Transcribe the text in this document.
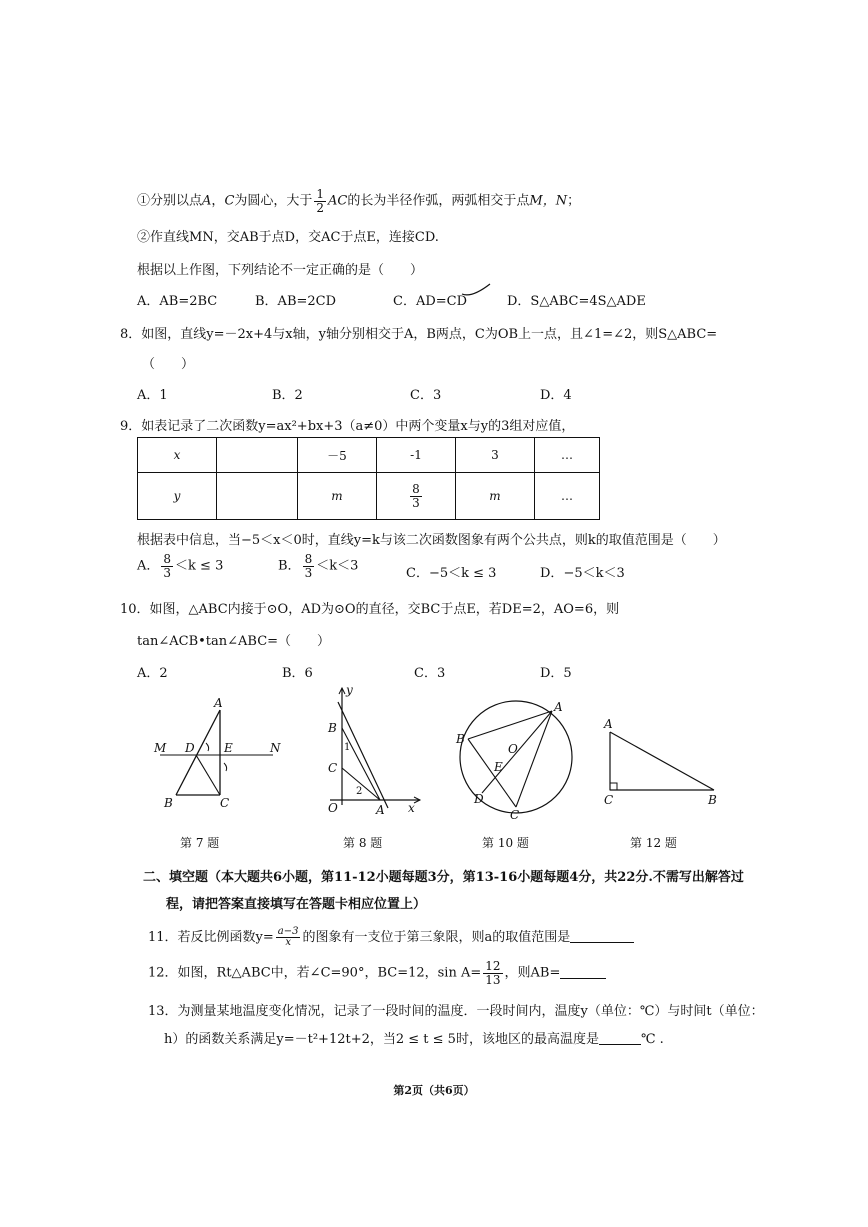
①分别以点A，C为圆心，大于 $\frac{1}{2}$ AC的长为半径作弧，两弧相交于点M，N；
②作直线MN，交AB于点D，交AC于点E，连接CD.
根据以上作图，下列结论不一定正确的是（　　）
A．AB=2BC	B．AB=2CD	C．AD=CD	D．S△ABC=4S△ADE
8．如图，直线y=－2x+4与x轴，y轴分别相交于A，B两点，C为OB上一点，且∠1=∠2，则S△ABC=
（　　）
A．1	B．2	C．3	D．4
9．如表记录了二次函数y=ax²+bx+3（a≠0）中两个变量x与y的3组对应值，
x		－5	-1	3	…
y		m	$\frac{8}{3}$	m	…
根据表中信息，当−5＜x＜0时，直线y=k与该二次函数图象有两个公共点，则k的取值范围是（　　）
A． $\frac{8}{3} <k \le 3$	B． $\frac{8}{3} <k<3$	C．−5＜k ≤ 3	D．−5＜k＜3
10．如图，△ABC内接于⊙O，AD为⊙O的直径，交BC于点E，若DE=2，AO=6，则
tan∠ACB•tan∠ABC=（　　）
A．2	B．6	C．3	D．5
A
M D E	N
B	C
y
B
1
C
2
O	A x
A
B
O
E
D
C
A
C	B
第 7 题	第 8 题	第 10 题	第 12 题
二、填空题（本大题共6小题，第11-12小题每题3分，第13-16小题每题4分，共22分.不需写出解答过
程，请把答案直接填写在答题卡相应位置上）
11．若反比例函数$y= \frac{a-3}{x}$ 的图象有一支位于第三象限，则a的取值范围是
12．如图，Rt△ABC中，若∠C=90°，BC=12，$\sin A= \frac{12}{13}$ ，则AB=
13．为测量某地温度变化情况，记录了一段时间的温度．一段时间内，温度y（单位：℃）与时间t（单位：
h）的函数关系满足y=－t²+12t+2，当2 ≤ t ≤ 5时，该地区的最高温度是	℃ .
第2页（共6页）
